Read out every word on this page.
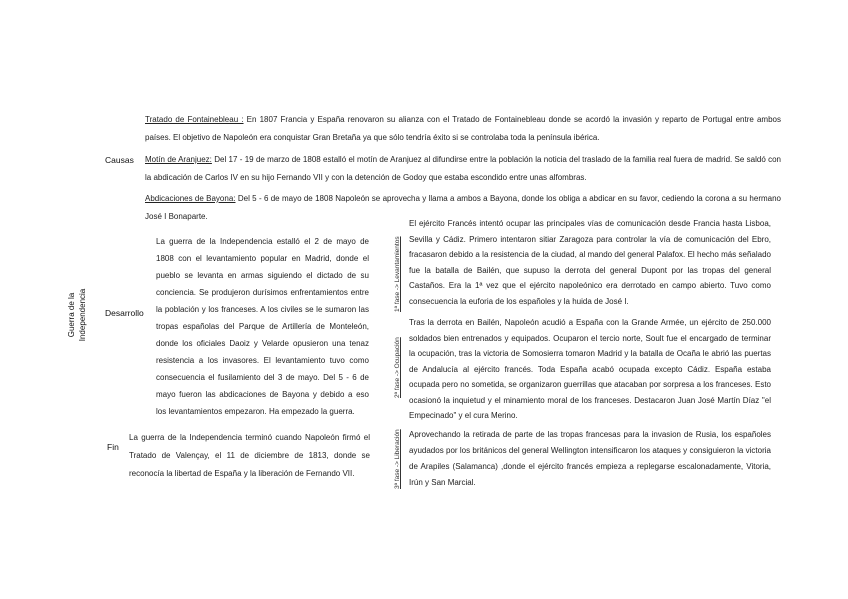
Guerra de la Independencia
Causas
Tratado de Fontainebleau : En 1807 Francia y España renovaron su alianza con el Tratado de Fontainebleau donde se acordó la invasión y reparto de Portugal entre ambos países. El objetivo de Napoleón era conquistar Gran Bretaña ya que sólo tendría éxito si se controlaba toda la península ibérica.
Motín de Aranjuez: Del 17 - 19 de marzo de 1808 estalló el motín de Aranjuez al difundirse entre la población la noticia del traslado de la familia real fuera de madrid. Se saldó con la abdicación de Carlos IV en su hijo Fernando VII y con la detención de Godoy que estaba escondido entre unas alfombras.
Abdicaciones de Bayona: Del 5 - 6 de mayo de 1808 Napoleón se aprovecha y llama a ambos a Bayona, donde los obliga a abdicar en su favor, cediendo la corona a su hermano José I Bonaparte.
Desarrollo
La guerra de la Independencia estalló el 2 de mayo de 1808 con el levantamiento popular en Madrid, donde el pueblo se levanta en armas siguiendo el dictado de su conciencia. Se produjeron durísimos enfrentamientos entre la población y los franceses. A los civiles se le sumaron las tropas españolas del Parque de Artillería de Monteleón, donde los oficiales Daoiz y Velarde opusieron una tenaz resistencia a los invasores. El levantamiento tuvo como consecuencia el fusilamiento del 3 de mayo. Del 5 - 6 de mayo fueron las abdicaciones de Bayona y debido a eso los levantamientos empezaron. Ha empezado la guerra.
1ª fase -> Levantamientos
2ª fase -> Ocupación
3ª fase -> Liberación
El ejército Francés intentó ocupar las principales vías de comunicación desde Francia hasta Lisboa, Sevilla y Cádiz. Primero intentaron sitiar Zaragoza para controlar la vía de comunicación del Ebro, fracasaron debido a la resistencia de la ciudad, al mando del general Palafox. El hecho más señalado fue la batalla de Bailén, que supuso la derrota del general Dupont por las tropas del general Castaños. Era la 1ª vez que el ejército napoleónico era derrotado en campo abierto. Tuvo como consecuencia la euforia de los españoles y la huida de José I.
Tras la derrota en Bailén, Napoleón acudió a España con la Grande Armée, un ejército de 250.000 soldados bien entrenados y equipados. Ocuparon el tercio norte, Soult fue el encargado de terminar la ocupación, tras la victoria de Somosierra tomaron Madrid y la batalla de Ocaña le abrió las puertas de Andalucía al ejército francés. Toda España acabó ocupada excepto Cádiz. España estaba ocupada pero no sometida, se organizaron guerrillas que atacaban por sorpresa a los franceses. Esto ocasionó la inquietud y el minamiento moral de los franceses. Destacaron Juan José Martín Díaz "el Empecinado" y el cura Merino.
Aprovechando la retirada de parte de las tropas francesas para la invasion de Rusia, los españoles ayudados por los británicos del general Wellington intensificaron los ataques y consiguieron la victoria de Arapiles (Salamanca) ,donde el ejército francés empieza a replegarse escalonadamente, Vitoria, Irún y San Marcial.
Fin
La guerra de la Independencia terminó cuando Napoleón firmó el Tratado de Valençay, el 11 de diciembre de 1813, donde se reconocía la libertad de España y la liberación de Fernando VII.
